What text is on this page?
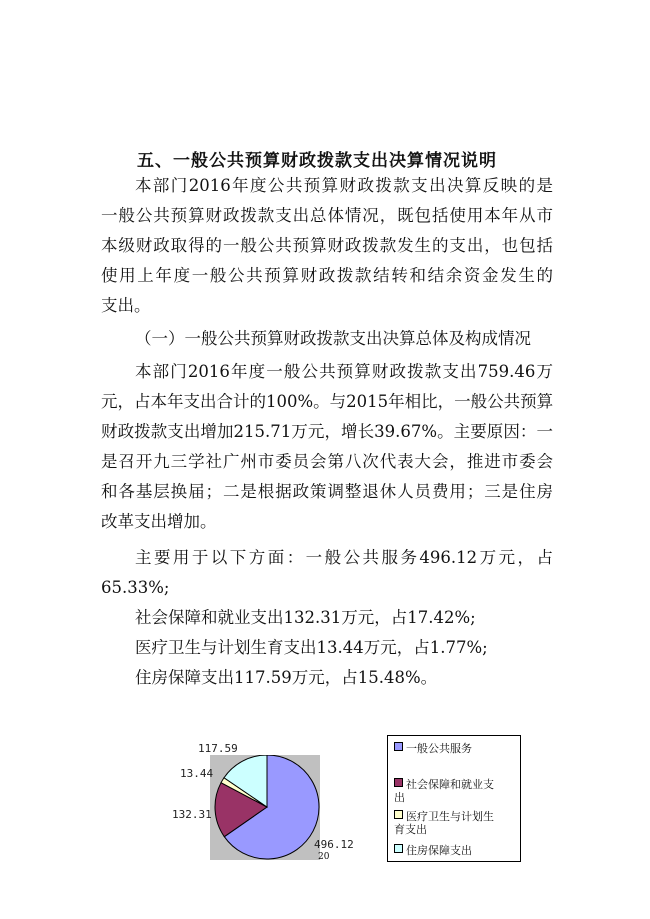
五、一般公共预算财政拨款支出决算情况说明
本部门2016年度公共预算财政拨款支出决算反映的是
一般公共预算财政拨款支出总体情况，既包括使用本年从市
本级财政取得的一般公共预算财政拨款发生的支出，也包括
使用上年度一般公共预算财政拨款结转和结余资金发生的
支出。
（一）一般公共预算财政拨款支出决算总体及构成情况
本部门2016年度一般公共预算财政拨款支出759.46万
元，占本年支出合计的100%。与2015年相比，一般公共预算
财政拨款支出增加215.71万元，增长39.67%。主要原因：一
是召开九三学社广州市委员会第八次代表大会，推进市委会
和各基层换届；二是根据政策调整退休人员费用；三是住房
改革支出增加。
主要用于以下方面：一般公共服务496.12万元，占
65.33%;
社会保障和就业支出132.31万元，占17.42%;
医疗卫生与计划生育支出13.44万元，占1.77%;
住房保障支出117.59万元，占15.48%。
117.59
13.44
132.31
496.12
一般公共服务
社会保障和就业支
出
医疗卫生与计划生
育支出
住房保障支出
20
